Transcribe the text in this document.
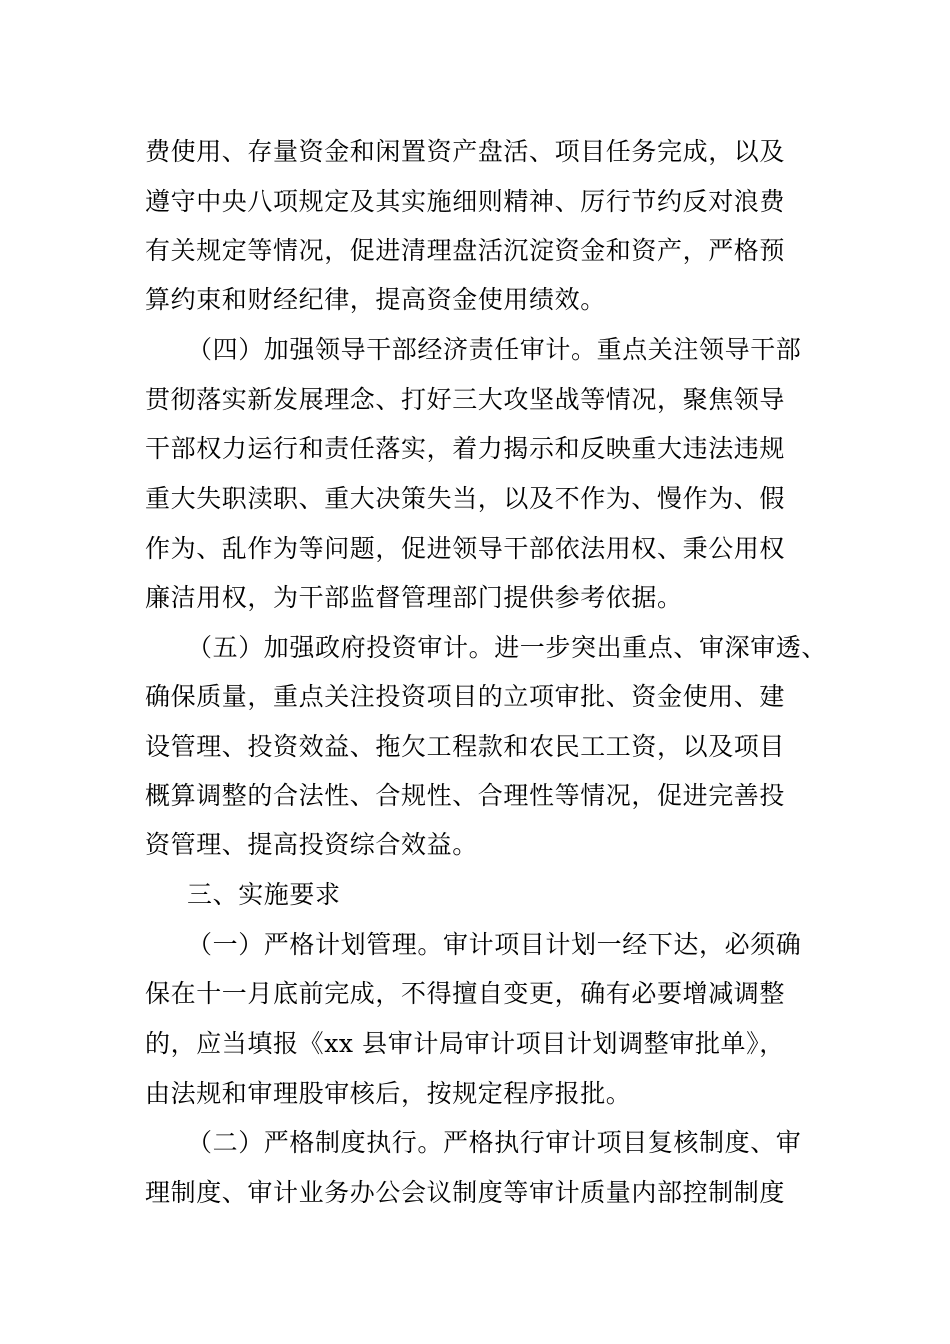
费使用、存量资金和闲置资产盘活、项目任务完成，以及
遵守中央八项规定及其实施细则精神、厉行节约反对浪费
有关规定等情况，促进清理盘活沉淀资金和资产，严格预
算约束和财经纪律，提高资金使用绩效。
（四）加强领导干部经济责任审计。重点关注领导干部
贯彻落实新发展理念、打好三大攻坚战等情况，聚焦领导
干部权力运行和责任落实，着力揭示和反映重大违法违规
重大失职渎职、重大决策失当，以及不作为、慢作为、假
作为、乱作为等问题，促进领导干部依法用权、秉公用权
廉洁用权，为干部监督管理部门提供参考依据。
（五）加强政府投资审计。进一步突出重点、审深审透、
确保质量，重点关注投资项目的立项审批、资金使用、建
设管理、投资效益、拖欠工程款和农民工工资，以及项目
概算调整的合法性、合规性、合理性等情况，促进完善投
资管理、提高投资综合效益。
三、实施要求
（一）严格计划管理。审计项目计划一经下达，必须确
保在十一月底前完成，不得擅自变更，确有必要增减调整
的，应当填报《xx 县审计局审计项目计划调整审批单》，
由法规和审理股审核后，按规定程序报批。
（二）严格制度执行。严格执行审计项目复核制度、审
理制度、审计业务办公会议制度等审计质量内部控制制度
